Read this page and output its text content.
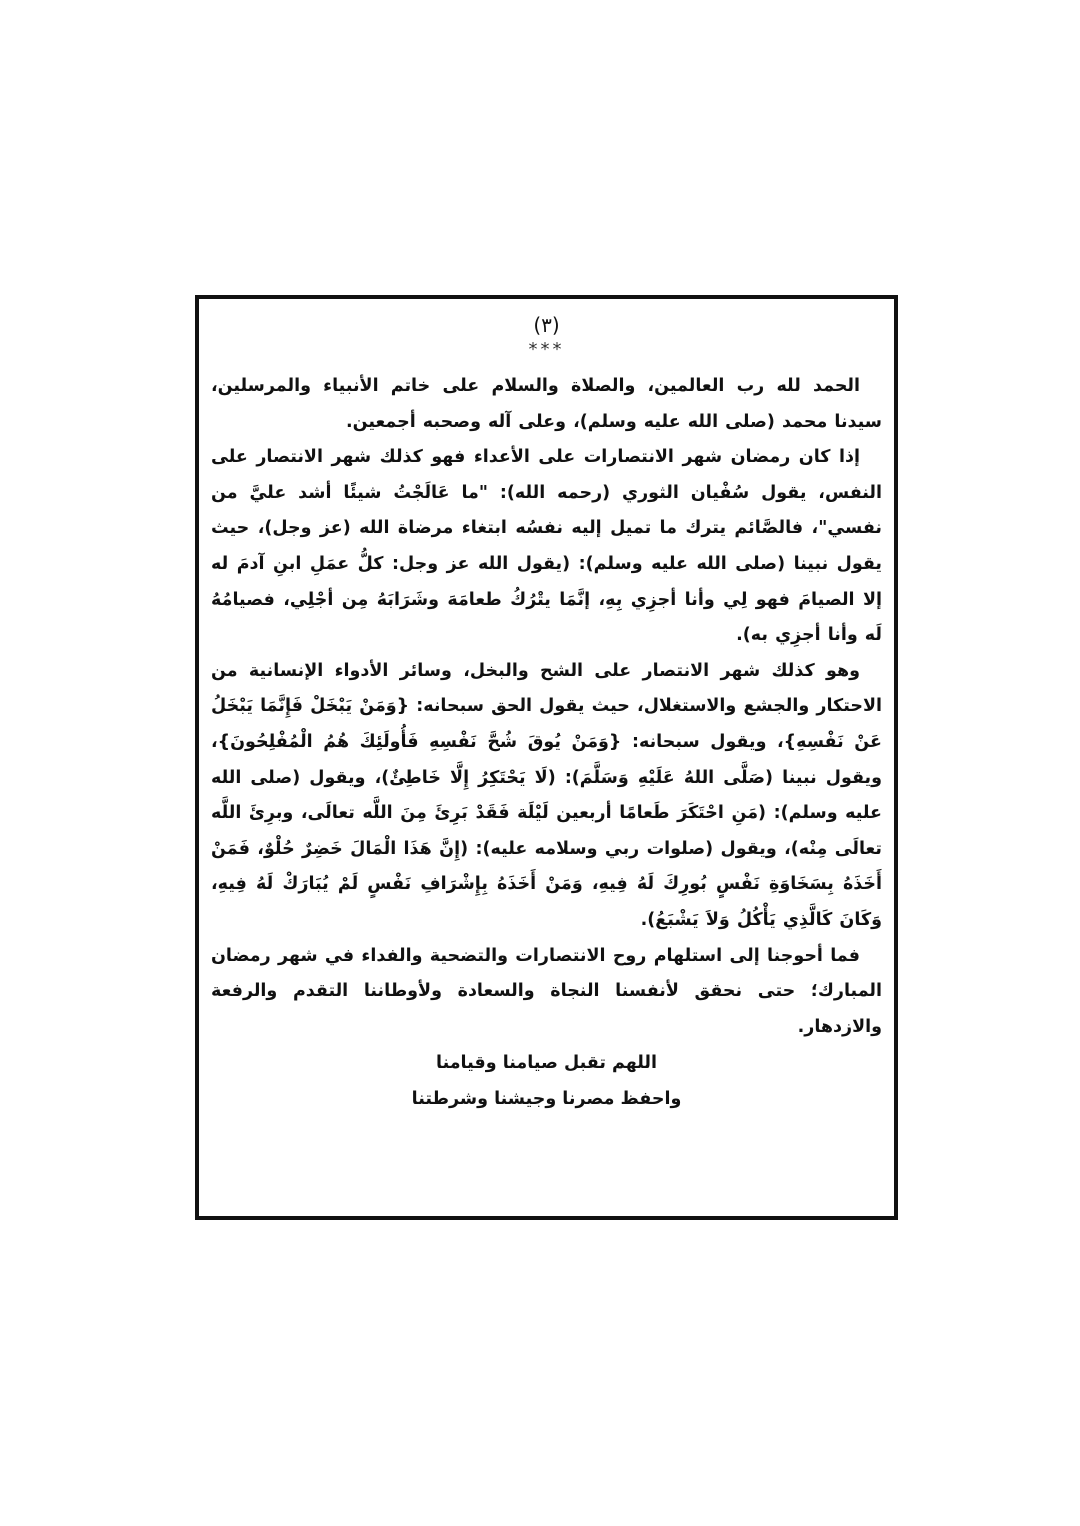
(٣)

***

الحمد لله رب العالمين، والصلاة والسلام على خاتم الأنبياء والمرسلين، سيدنا محمد (صلى الله عليه وسلم)، وعلى آله وصحبه أجمعين.

إذا كان رمضان شهر الانتصارات على الأعداء فهو كذلك شهر الانتصار على النفس، يقول سُفْيان الثوري (رحمه الله): "ما عَالَجْتُ شيئًا أشد عليَّ من نفسي"، فالصَّائم يترك ما تميل إليه نفسُه ابتغاء مرضاة الله (عز وجل)، حيث يقول نبينا (صلى الله عليه وسلم): (يقول الله عز وجل: كلُّ عمَلِ ابنِ آدمَ له إلا الصيامَ فهو لِي وأنا أجزِي بِهِ، إنَّمَا يتْرُكُ طعامَهَ وشَرَابَهُ مِن أجْلِي، فصيامُهُ لَه وأنا أجزِي به).

وهو كذلك شهر الانتصار على الشح والبخل، وسائر الأدواء الإنسانية من الاحتكار والجشع والاستغلال، حيث يقول الحق سبحانه: {وَمَنْ يَبْخَلْ فَإِنَّمَا يَبْخَلُ عَنْ نَفْسِهِ}، ويقول سبحانه: {وَمَنْ يُوقَ شُحَّ نَفْسِهِ فَأُولَئِكَ هُمُ الْمُفْلِحُونَ}، ويقول نبينا (صَلَّى اللهُ عَلَيْهِ وَسَلَّمَ): (لَا يَحْتَكِرُ إِلَّا خَاطِئٌ)، ويقول (صلى الله عليه وسلم): (مَنِ احْتَكَرَ طَعامًا أربعين لَيْلَة فَقَدْ بَرِئَ مِنَ اللَّه تعالَى، وبرِئَ اللَّه تعالَى مِنْه)، ويقول (صلوات ربي وسلامه عليه): (إِنَّ هَذَا الْمَالَ خَضِرٌ حُلْوٌ، فَمَنْ أَخَذَهُ بِسَخَاوَةِ نَفْسٍ بُورِكَ لَهُ فِيهِ، وَمَنْ أَخَذَهُ بِإِشْرَافِ نَفْسٍ لَمْ يُبَارَكْ لَهُ فِيهِ، وَكَانَ كَالَّذِي يَأْكُلُ وَلاَ يَشْبَعُ).

فما أحوجنا إلى استلهام روح الانتصارات والتضحية والفداء في شهر رمضان المبارك؛ حتى نحقق لأنفسنا النجاة والسعادة ولأوطاننا التقدم والرفعة والازدهار.

اللهم تقبل صيامنا وقيامنا

واحفظ مصرنا وجيشنا وشرطتنا
